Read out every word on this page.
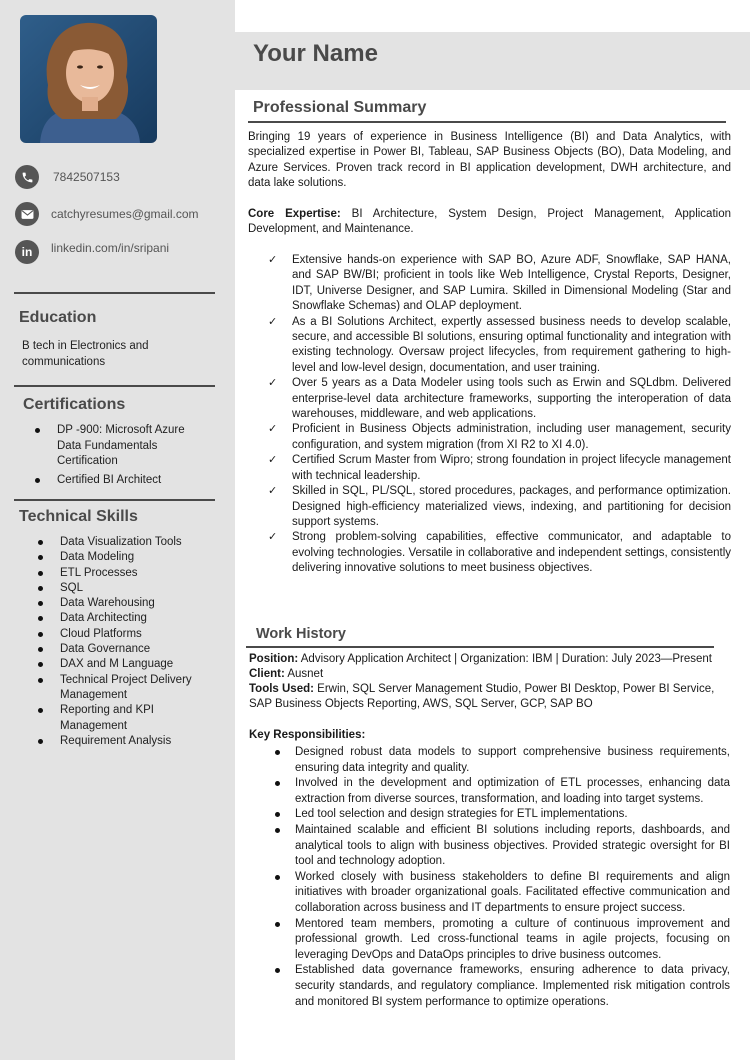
7842507153
catchyresumes@gmail.com
in linkedin.com/in/sripani
Education
B tech in Electronics and communications
Certifications
DP -900: Microsoft Azure Data Fundamentals Certification
Certified BI Architect
Technical Skills
Data Visualization Tools
Data Modeling
ETL Processes
SQL
Data Warehousing
Data Architecting
Cloud Platforms
Data Governance
DAX and M Language
Technical Project Delivery Management
Reporting and KPI Management
Requirement Analysis
Your Name
Professional Summary
Bringing 19 years of experience in Business Intelligence (BI) and Data Analytics, with specialized expertise in Power BI, Tableau, SAP Business Objects (BO), Data Modeling, and Azure Services. Proven track record in BI application development, DWH architecture, and data lake solutions.
Core Expertise: BI Architecture, System Design, Project Management, Application Development, and Maintenance.
✓ Extensive hands-on experience with SAP BO, Azure ADF, Snowflake, SAP HANA, and SAP BW/BI; proficient in tools like Web Intelligence, Crystal Reports, Designer, IDT, Universe Designer, and SAP Lumira. Skilled in Dimensional Modeling (Star and Snowflake Schemas) and OLAP deployment.
✓ As a BI Solutions Architect, expertly assessed business needs to develop scalable, secure, and accessible BI solutions, ensuring optimal functionality and integration with existing technology. Oversaw project lifecycles, from requirement gathering to high-level and low-level design, documentation, and user training.
✓ Over 5 years as a Data Modeler using tools such as Erwin and SQLdbm. Delivered enterprise-level data architecture frameworks, supporting the interoperation of data warehouses, middleware, and web applications.
✓ Proficient in Business Objects administration, including user management, security configuration, and system migration (from XI R2 to XI 4.0).
✓ Certified Scrum Master from Wipro; strong foundation in project lifecycle management with technical leadership.
✓ Skilled in SQL, PL/SQL, stored procedures, packages, and performance optimization. Designed high-efficiency materialized views, indexing, and partitioning for decision support systems.
✓ Strong problem-solving capabilities, effective communicator, and adaptable to evolving technologies. Versatile in collaborative and independent settings, consistently delivering innovative solutions to meet business objectives.
Work History
Position: Advisory Application Architect | Organization: IBM | Duration: July 2023—Present
Client: Ausnet
Tools Used: Erwin, SQL Server Management Studio, Power BI Desktop, Power BI Service, SAP Business Objects Reporting, AWS, SQL Server, GCP, SAP BO
Key Responsibilities:
Designed robust data models to support comprehensive business requirements, ensuring data integrity and quality.
Involved in the development and optimization of ETL processes, enhancing data extraction from diverse sources, transformation, and loading into target systems.
Led tool selection and design strategies for ETL implementations.
Maintained scalable and efficient BI solutions including reports, dashboards, and analytical tools to align with business objectives. Provided strategic oversight for BI tool and technology adoption.
Worked closely with business stakeholders to define BI requirements and align initiatives with broader organizational goals. Facilitated effective communication and collaboration across business and IT departments to ensure project success.
Mentored team members, promoting a culture of continuous improvement and professional growth. Led cross-functional teams in agile projects, focusing on leveraging DevOps and DataOps principles to drive business outcomes.
Established data governance frameworks, ensuring adherence to data privacy, security standards, and regulatory compliance. Implemented risk mitigation controls and monitored BI system performance to optimize operations.
